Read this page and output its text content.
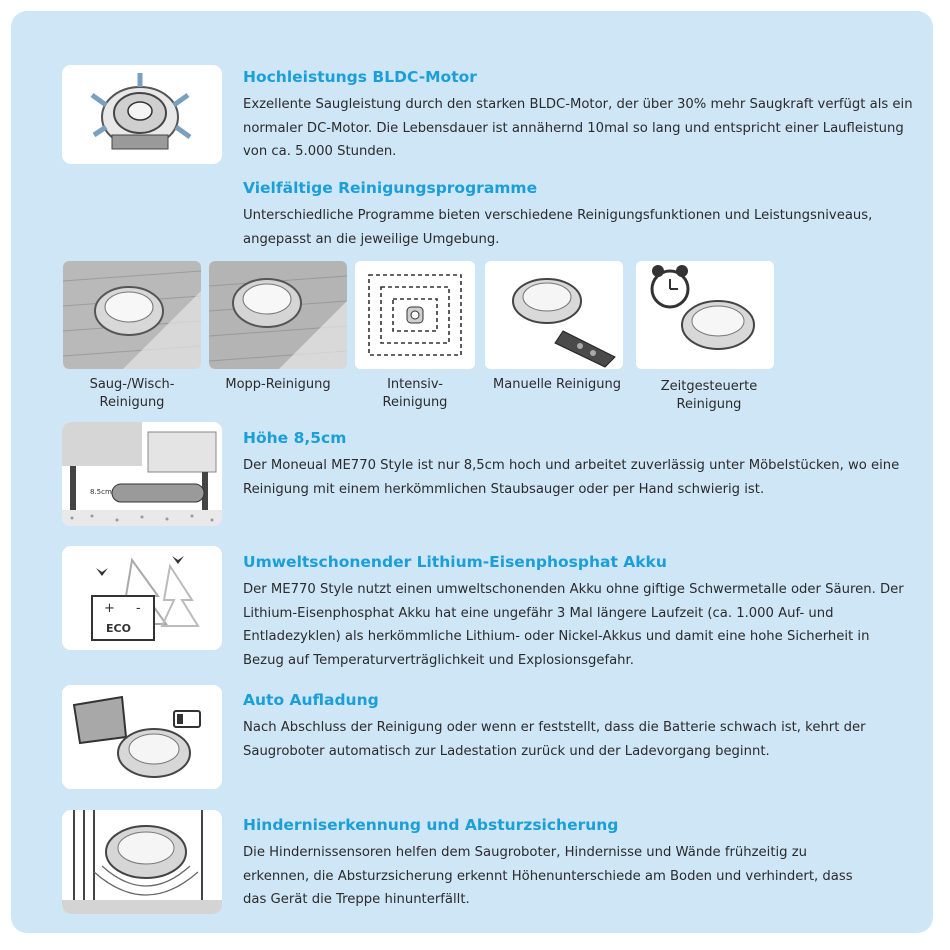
Hochleistungs BLDC-Motor

Exzellente Saugleistung durch den starken BLDC-Motor, der über 30% mehr Saugkraft verfügt als ein normaler DC-Motor. Die Lebensdauer ist annähernd 10mal so lang und entspricht einer Laufleistung von ca. 5.000 Stunden.

Vielfältige Reinigungsprogramme

Unterschiedliche Programme bieten verschiedene Reinigungsfunktionen und Leistungsniveaus, angepasst an die jeweilige Umgebung.

Saug-/Wisch-
Reinigung
Mopp-Reinigung	Intensiv-
Reinigung
Manuelle Reinigung	Zeitgesteuerte
Reinigung
8.5cm
Höhe 8,5cm

Der Moneual ME770 Style ist nur 8,5cm hoch und arbeitet zuverlässig unter Möbelstücken, wo eine Reinigung mit einem herkömmlichen Staubsauger oder per Hand schwierig ist.

+ -
ECO
Umweltschonender Lithium-Eisenphosphat Akku

Der ME770 Style nutzt einen umweltschonenden Akku ohne giftige Schwermetalle oder Säuren. Der Lithium-Eisenphosphat Akku hat eine ungefähr 3 Mal längere Laufzeit (ca. 1.000 Auf- und Entladezyklen) als herkömmliche Lithium- oder Nickel-Akkus und damit eine hohe Sicherheit in Bezug auf Temperaturverträglichkeit und Explosionsgefahr.

Auto Aufladung

Nach Abschluss der Reinigung oder wenn er feststellt, dass die Batterie schwach ist, kehrt der Saugroboter automatisch zur Ladestation zurück und der Ladevorgang beginnt.

Hinderniserkennung und Absturzsicherung

Die Hindernissensoren helfen dem Saugroboter, Hindernisse und Wände frühzeitig zu erkennen, die Absturzsicherung erkennt Höhenunterschiede am Boden und verhindert, dass das Gerät die Treppe hinunterfällt.
